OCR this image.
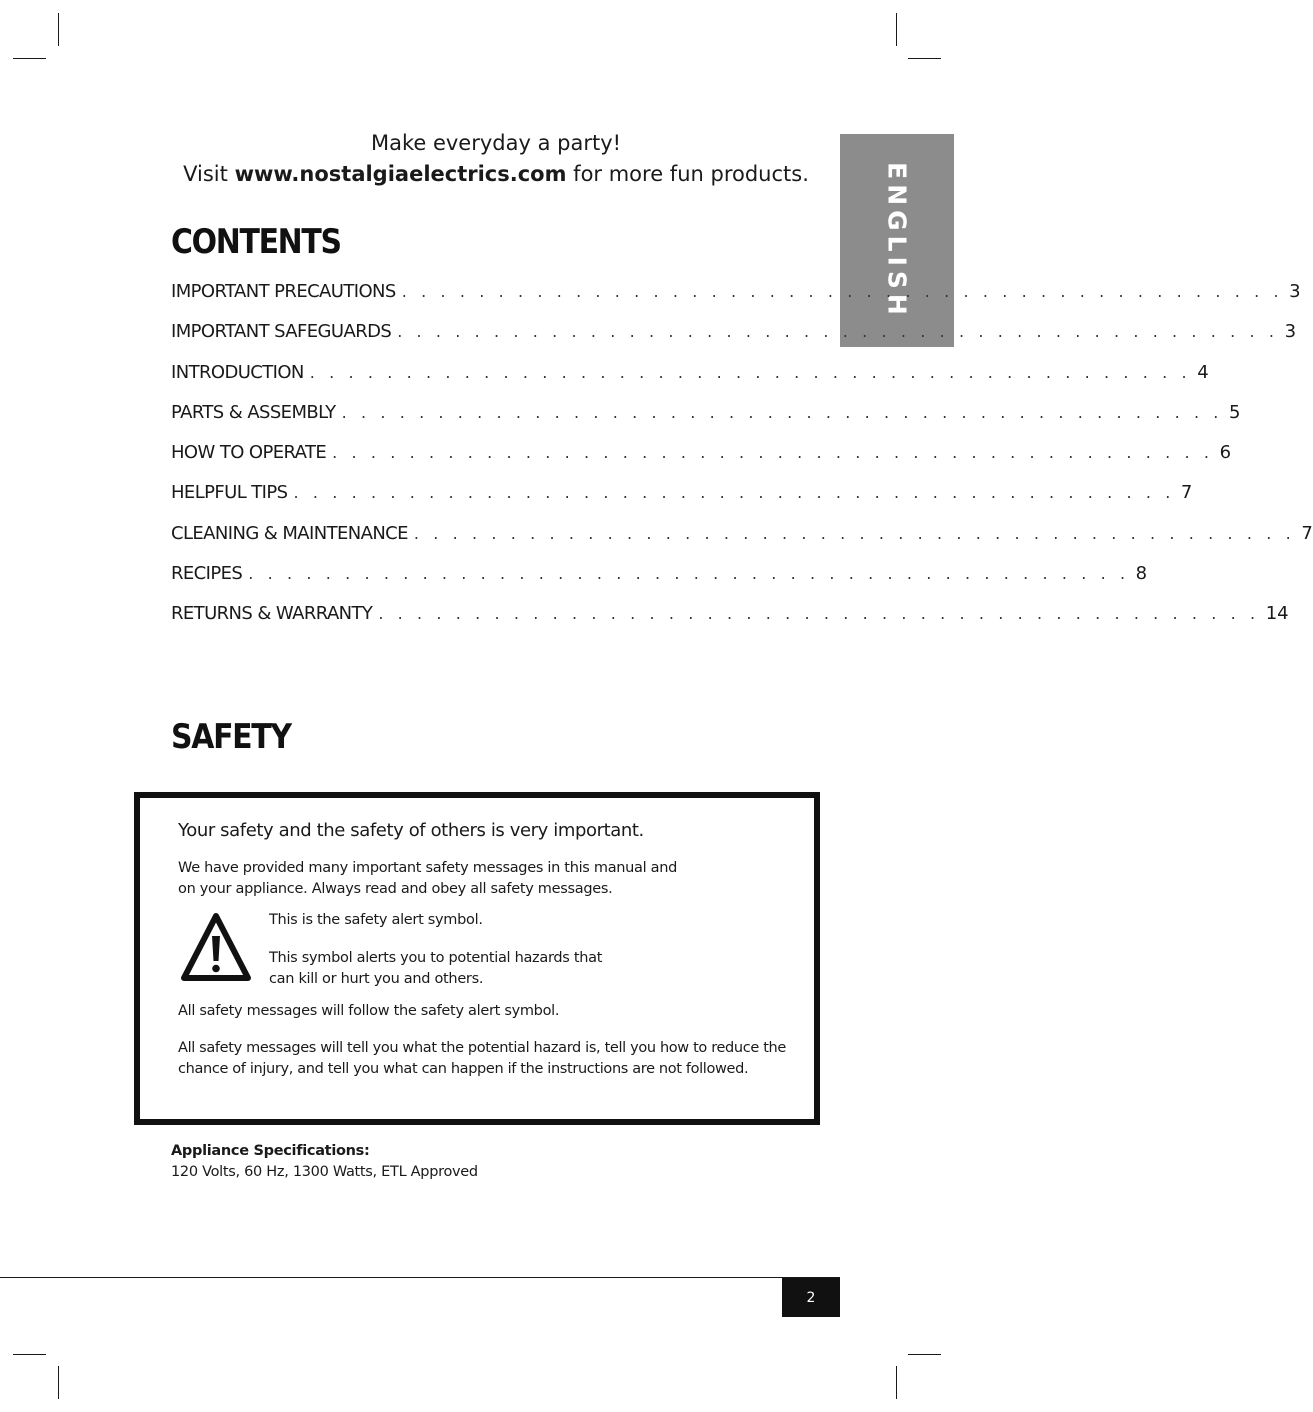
Make everyday a party!
Visit www.nostalgiaelectrics.com for more fun products.	ENGLISH
CONTENTS
IMPORTANT PRECAUTIONS . . . . . . . . . . . . . . . . . . . . . . . . . . . . . . . . . . . . . . . . . . . . . . 3
IMPORTANT SAFEGUARDS . . . . . . . . . . . . . . . . . . . . . . . . . . . . . . . . . . . . . . . . . . . . . . 3
INTRODUCTION . . . . . . . . . . . . . . . . . . . . . . . . . . . . . . . . . . . . . . . . . . . . . . 4
PARTS & ASSEMBLY . . . . . . . . . . . . . . . . . . . . . . . . . . . . . . . . . . . . . . . . . . . . . . 5
HOW TO OPERATE . . . . . . . . . . . . . . . . . . . . . . . . . . . . . . . . . . . . . . . . . . . . . . 6
HELPFUL TIPS . . . . . . . . . . . . . . . . . . . . . . . . . . . . . . . . . . . . . . . . . . . . . . 7
CLEANING & MAINTENANCE . . . . . . . . . . . . . . . . . . . . . . . . . . . . . . . . . . . . . . . . . . . . . . 7
RECIPES . . . . . . . . . . . . . . . . . . . . . . . . . . . . . . . . . . . . . . . . . . . . . . 8
RETURNS & WARRANTY . . . . . . . . . . . . . . . . . . . . . . . . . . . . . . . . . . . . . . . . . . . . . . 14
SAFETY
Your safety and the safety of others is very important.
We have provided many important safety messages in this manual and on your appliance. Always read and obey all safety messages.
This is the safety alert symbol.
This symbol alerts you to potential hazards that can kill or hurt you and others.
All safety messages will follow the safety alert symbol.
All safety messages will tell you what the potential hazard is, tell you how to reduce the chance of injury, and tell you what can happen if the instructions are not followed.
Appliance Specifications:
120 Volts, 60 Hz, 1300 Watts, ETL Approved
2
